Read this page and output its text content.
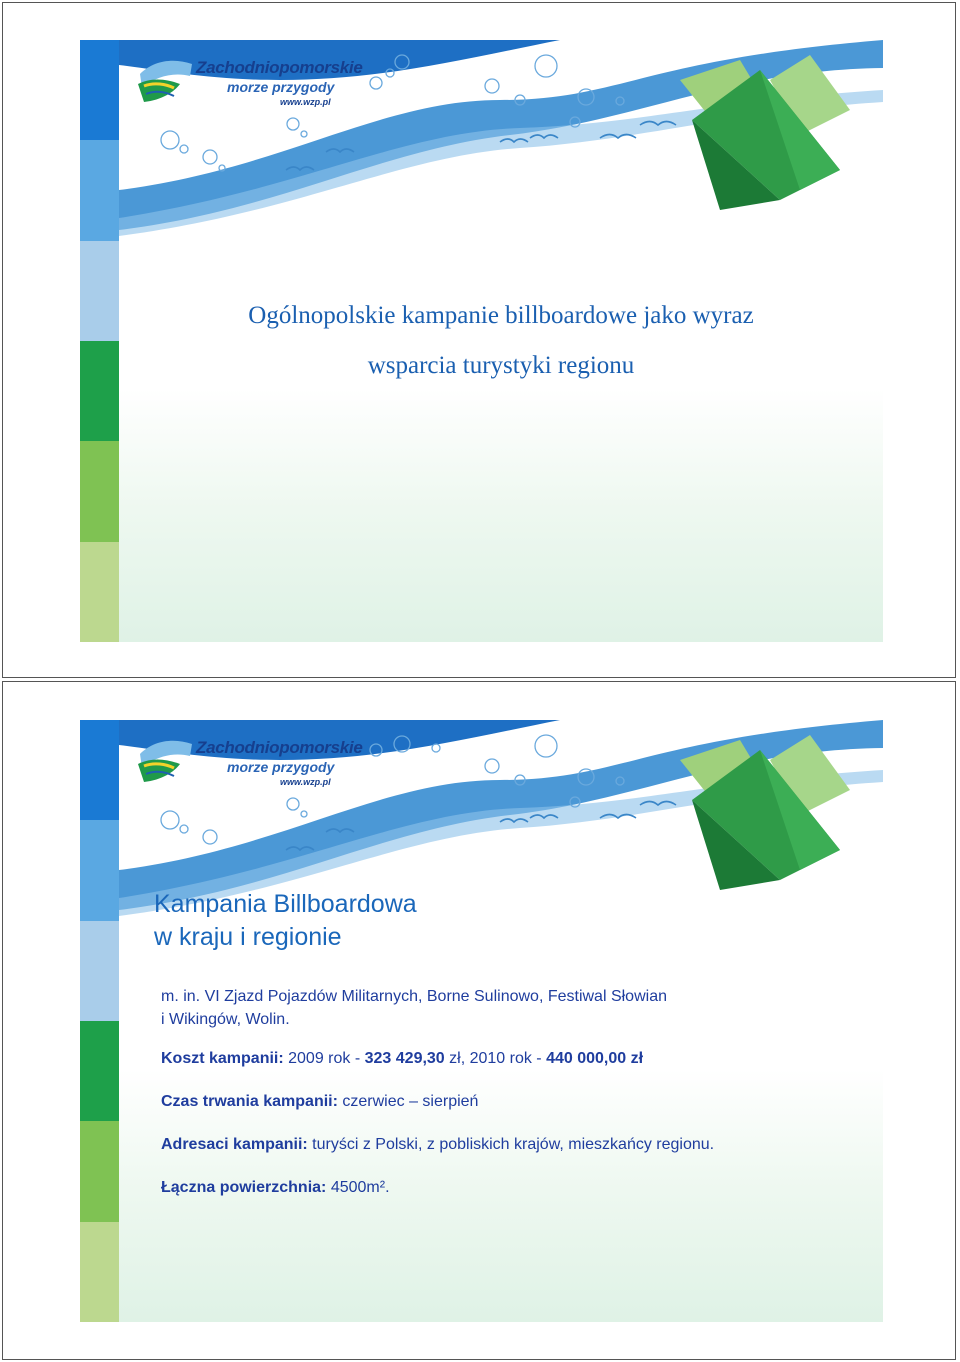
Zachodniopomorskie
morze przygody
www.wzp.pl
Ogólnopolskie kampanie billboardowe jako wyraz
wsparcia turystyki regionu
Zachodniopomorskie
morze przygody
www.wzp.pl
Kampania Billboardowa
w kraju i regionie
m. in. VI Zjazd Pojazdów Militarnych, Borne Sulinowo, Festiwal Słowian
i Wikingów, Wolin.
Koszt kampanii: 2009 rok - 323 429,30 zł, 2010 rok - 440 000,00 zł
Czas trwania kampanii: czerwiec – sierpień
Adresaci kampanii: turyści z Polski, z pobliskich krajów, mieszkańcy regionu.
Łączna powierzchnia: 4500m².
